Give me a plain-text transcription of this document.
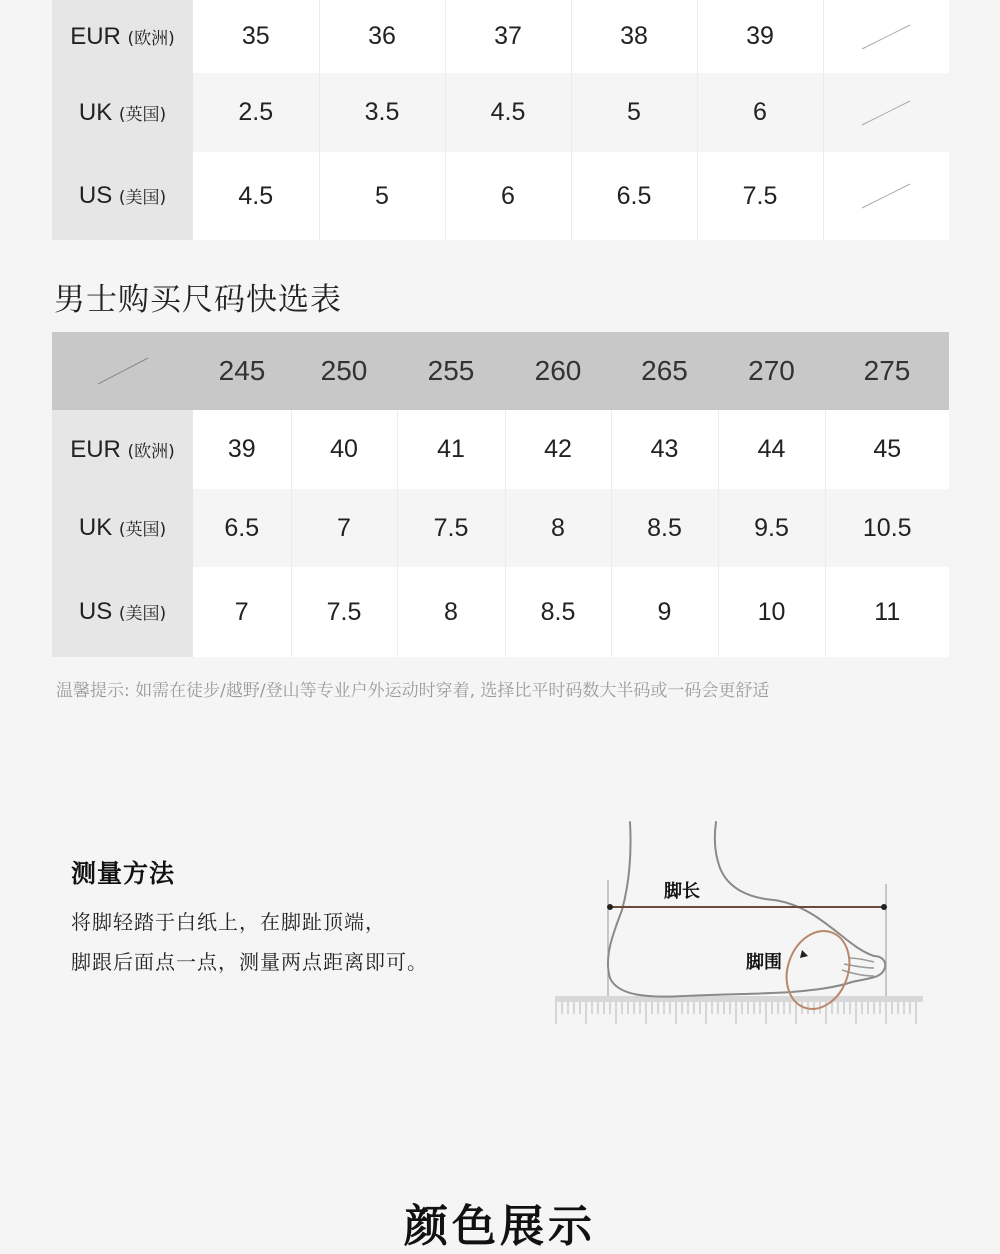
EUR (欧洲)	35	36	37	38	39	

UK (英国)	2.5	3.5	4.5	5	6	

US (美国)	4.5	5	6	6.5	7.5	
男士购买尺码快选表
	245	250	255	260	265	270	275
EUR (欧洲)	39	40	41	42	43	44	45
UK (英国)	6.5	7	7.5	8	8.5	9.5	10.5
US (美国)	7	7.5	8	8.5	9	10	11
温馨提示: 如需在徒步/越野/登山等专业户外运动时穿着, 选择比平时码数大半码或一码会更舒适
测量方法
将脚轻踏于白纸上，在脚趾顶端，
脚跟后面点一点，测量两点距离即可。
脚长
脚围
颜色展示
